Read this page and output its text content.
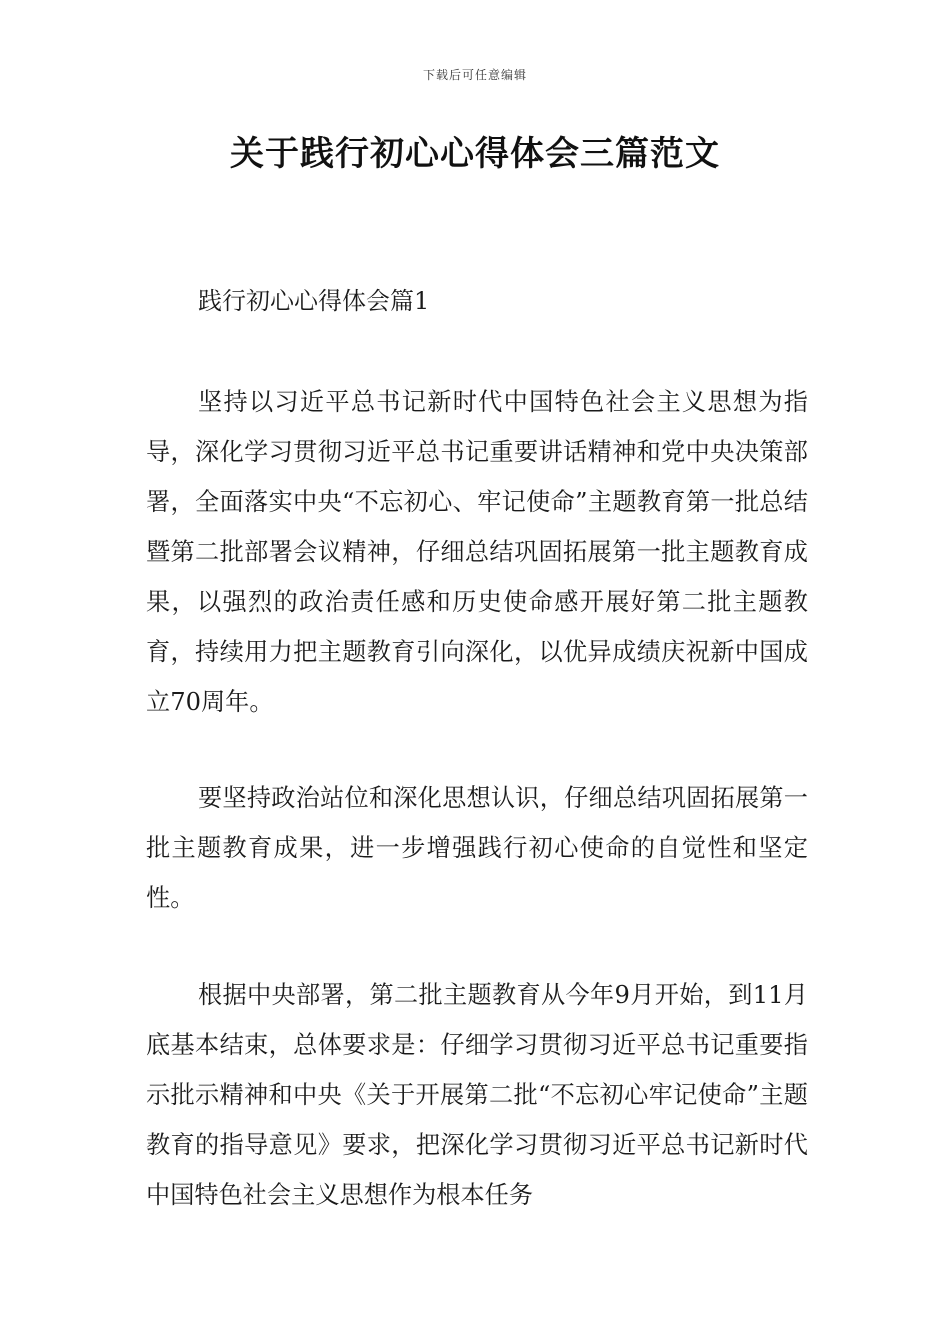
下载后可任意编辑
关于践行初心心得体会三篇范文
践行初心心得体会篇1

坚持以习近平总书记新时代中国特色社会主义思想为指导，深化学习贯彻习近平总书记重要讲话精神和党中央决策部署，全面落实中央“不忘初心、牢记使命”主题教育第一批总结暨第二批部署会议精神，仔细总结巩固拓展第一批主题教育成果，以强烈的政治责任感和历史使命感开展好第二批主题教育，持续用力把主题教育引向深化，以优异成绩庆祝新中国成立70周年。

要坚持政治站位和深化思想认识，仔细总结巩固拓展第一批主题教育成果，进一步增强践行初心使命的自觉性和坚定性。

根据中央部署，第二批主题教育从今年9月开始，到11月底基本结束，总体要求是：仔细学习贯彻习近平总书记重要指示批示精神和中央《关于开展第二批“不忘初心牢记使命”主题教育的指导意见》要求，把深化学习贯彻习近平总书记新时代中国特色社会主义思想作为根本任务
